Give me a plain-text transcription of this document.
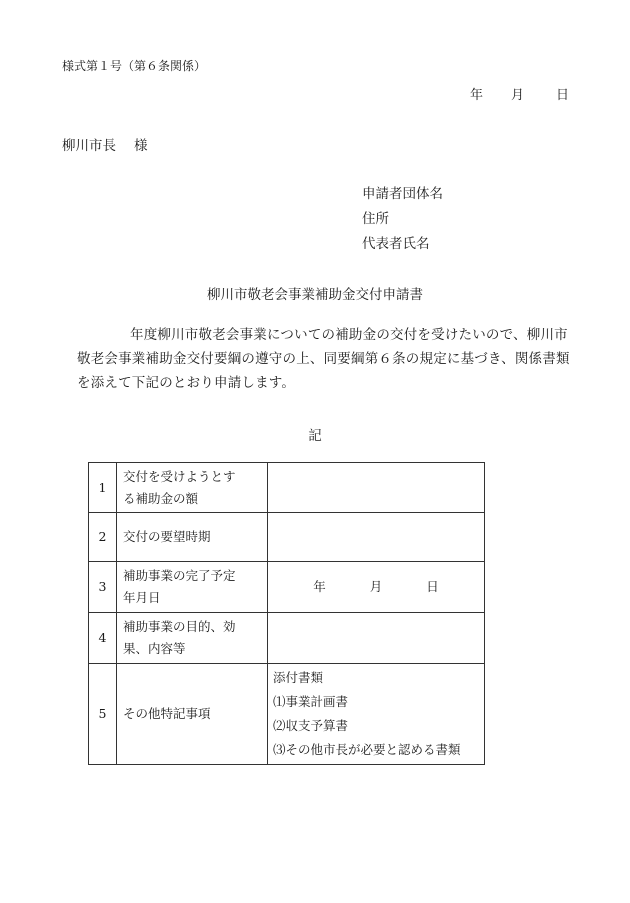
様式第１号（第６条関係）
年 月 日
柳川市長 様
申請者団体名
住所
代表者氏名
柳川市敬老会事業補助金交付申請書

年度柳川市敬老会事業についての補助金の交付を受けたいので、柳川市

敬老会事業補助金交付要綱の遵守の上、同要綱第６条の規定に基づき、関係書類

を添えて下記のとおり申請します。

記
1	交付を受けようとす
る補助金の額	
2	交付の要望時期	
3	補助事業の完了予定
年月日	年 月 日
4	補助事業の目的、効
果、内容等	
5	その他特記事項	添付書類
⑴事業計画書
⑵収支予算書
⑶その他市長が必要と認める書類
